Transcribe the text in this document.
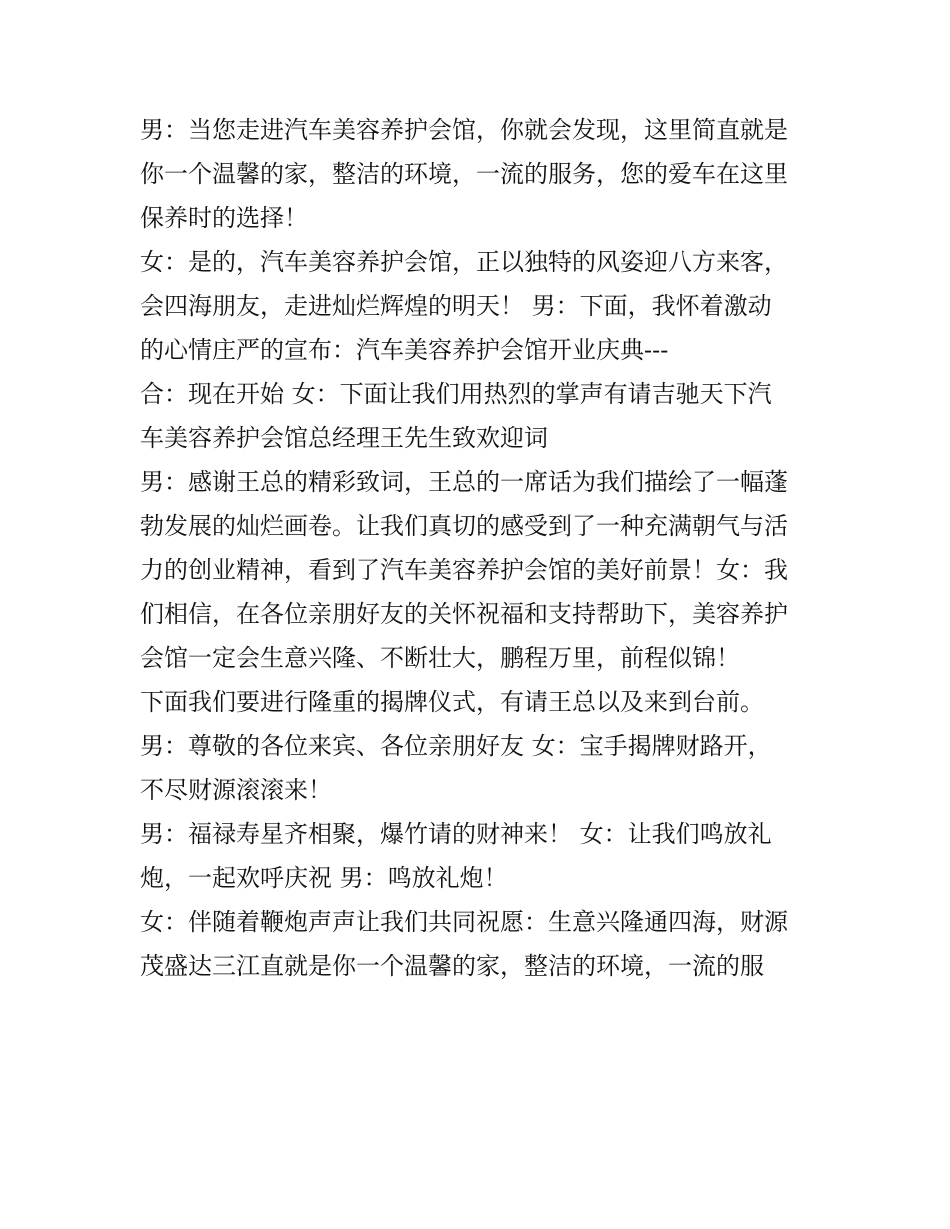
男：当您走进汽车美容养护会馆，你就会发现，这里简直就是
你一个温馨的家，整洁的环境，一流的服务，您的爱车在这里
保养时的选择！
女：是的，汽车美容养护会馆，正以独特的风姿迎八方来客，
会四海朋友，走进灿烂辉煌的明天！ 男：下面，我怀着激动
的心情庄严的宣布：汽车美容养护会馆开业庆典---
合：现在开始 女：下面让我们用热烈的掌声有请吉驰天下汽
车美容养护会馆总经理王先生致欢迎词
男：感谢王总的精彩致词，王总的一席话为我们描绘了一幅蓬
勃发展的灿烂画卷。让我们真切的感受到了一种充满朝气与活
力的创业精神，看到了汽车美容养护会馆的美好前景！女：我
们相信，在各位亲朋好友的关怀祝福和支持帮助下，美容养护
会馆一定会生意兴隆、不断壮大，鹏程万里，前程似锦！
下面我们要进行隆重的揭牌仪式，有请王总以及来到台前。
男：尊敬的各位来宾、各位亲朋好友 女：宝手揭牌财路开，
不尽财源滚滚来！
男：福禄寿星齐相聚，爆竹请的财神来！ 女：让我们鸣放礼
炮，一起欢呼庆祝 男：鸣放礼炮！
女：伴随着鞭炮声声让我们共同祝愿：生意兴隆通四海，财源
茂盛达三江直就是你一个温馨的家，整洁的环境，一流的服
